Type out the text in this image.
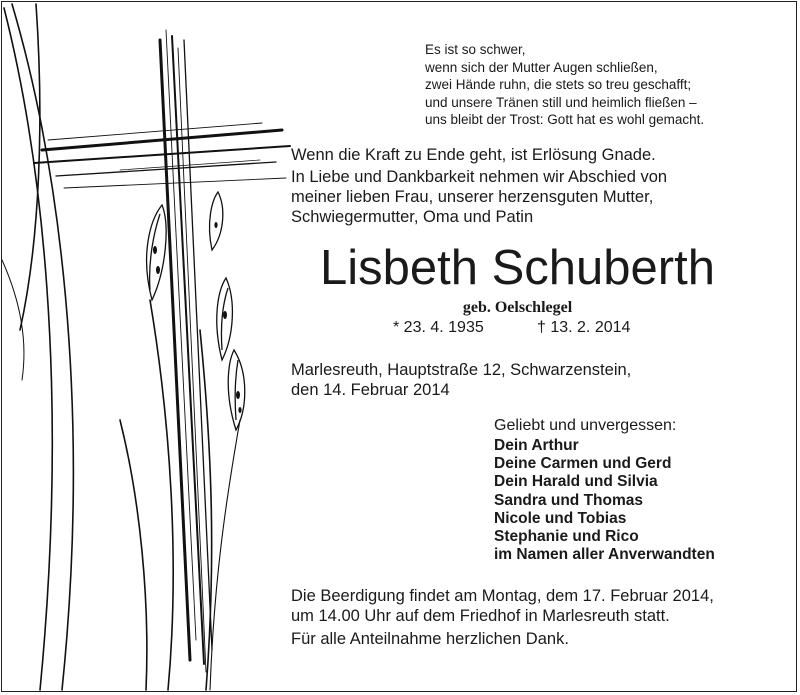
Es ist so schwer,
wenn sich der Mutter Augen schließen,
zwei Hände ruhn, die stets so treu geschafft;
und unsere Tränen still und heimlich fließen –
uns bleibt der Trost: Gott hat es wohl gemacht.

Wenn die Kraft zu Ende geht, ist Erlösung Gnade.

In Liebe und Dankbarkeit nehmen wir Abschied von
meiner lieben Frau, unserer herzensguten Mutter,
Schwiegermutter, Oma und Patin

Lisbeth Schuberth

geb. Oelschlegel

* 23. 4. 1935	† 13. 2. 2014

Marlesreuth, Hauptstraße 12, Schwarzenstein,
den 14. Februar 2014

Geliebt und unvergessen:

Dein Arthur
Deine Carmen und Gerd
Dein Harald und Silvia
Sandra und Thomas
Nicole und Tobias
Stephanie und Rico
im Namen aller Anverwandten

Die Beerdigung findet am Montag, dem 17. Februar 2014,
um 14.00 Uhr auf dem Friedhof in Marlesreuth statt.

Für alle Anteilnahme herzlichen Dank.
